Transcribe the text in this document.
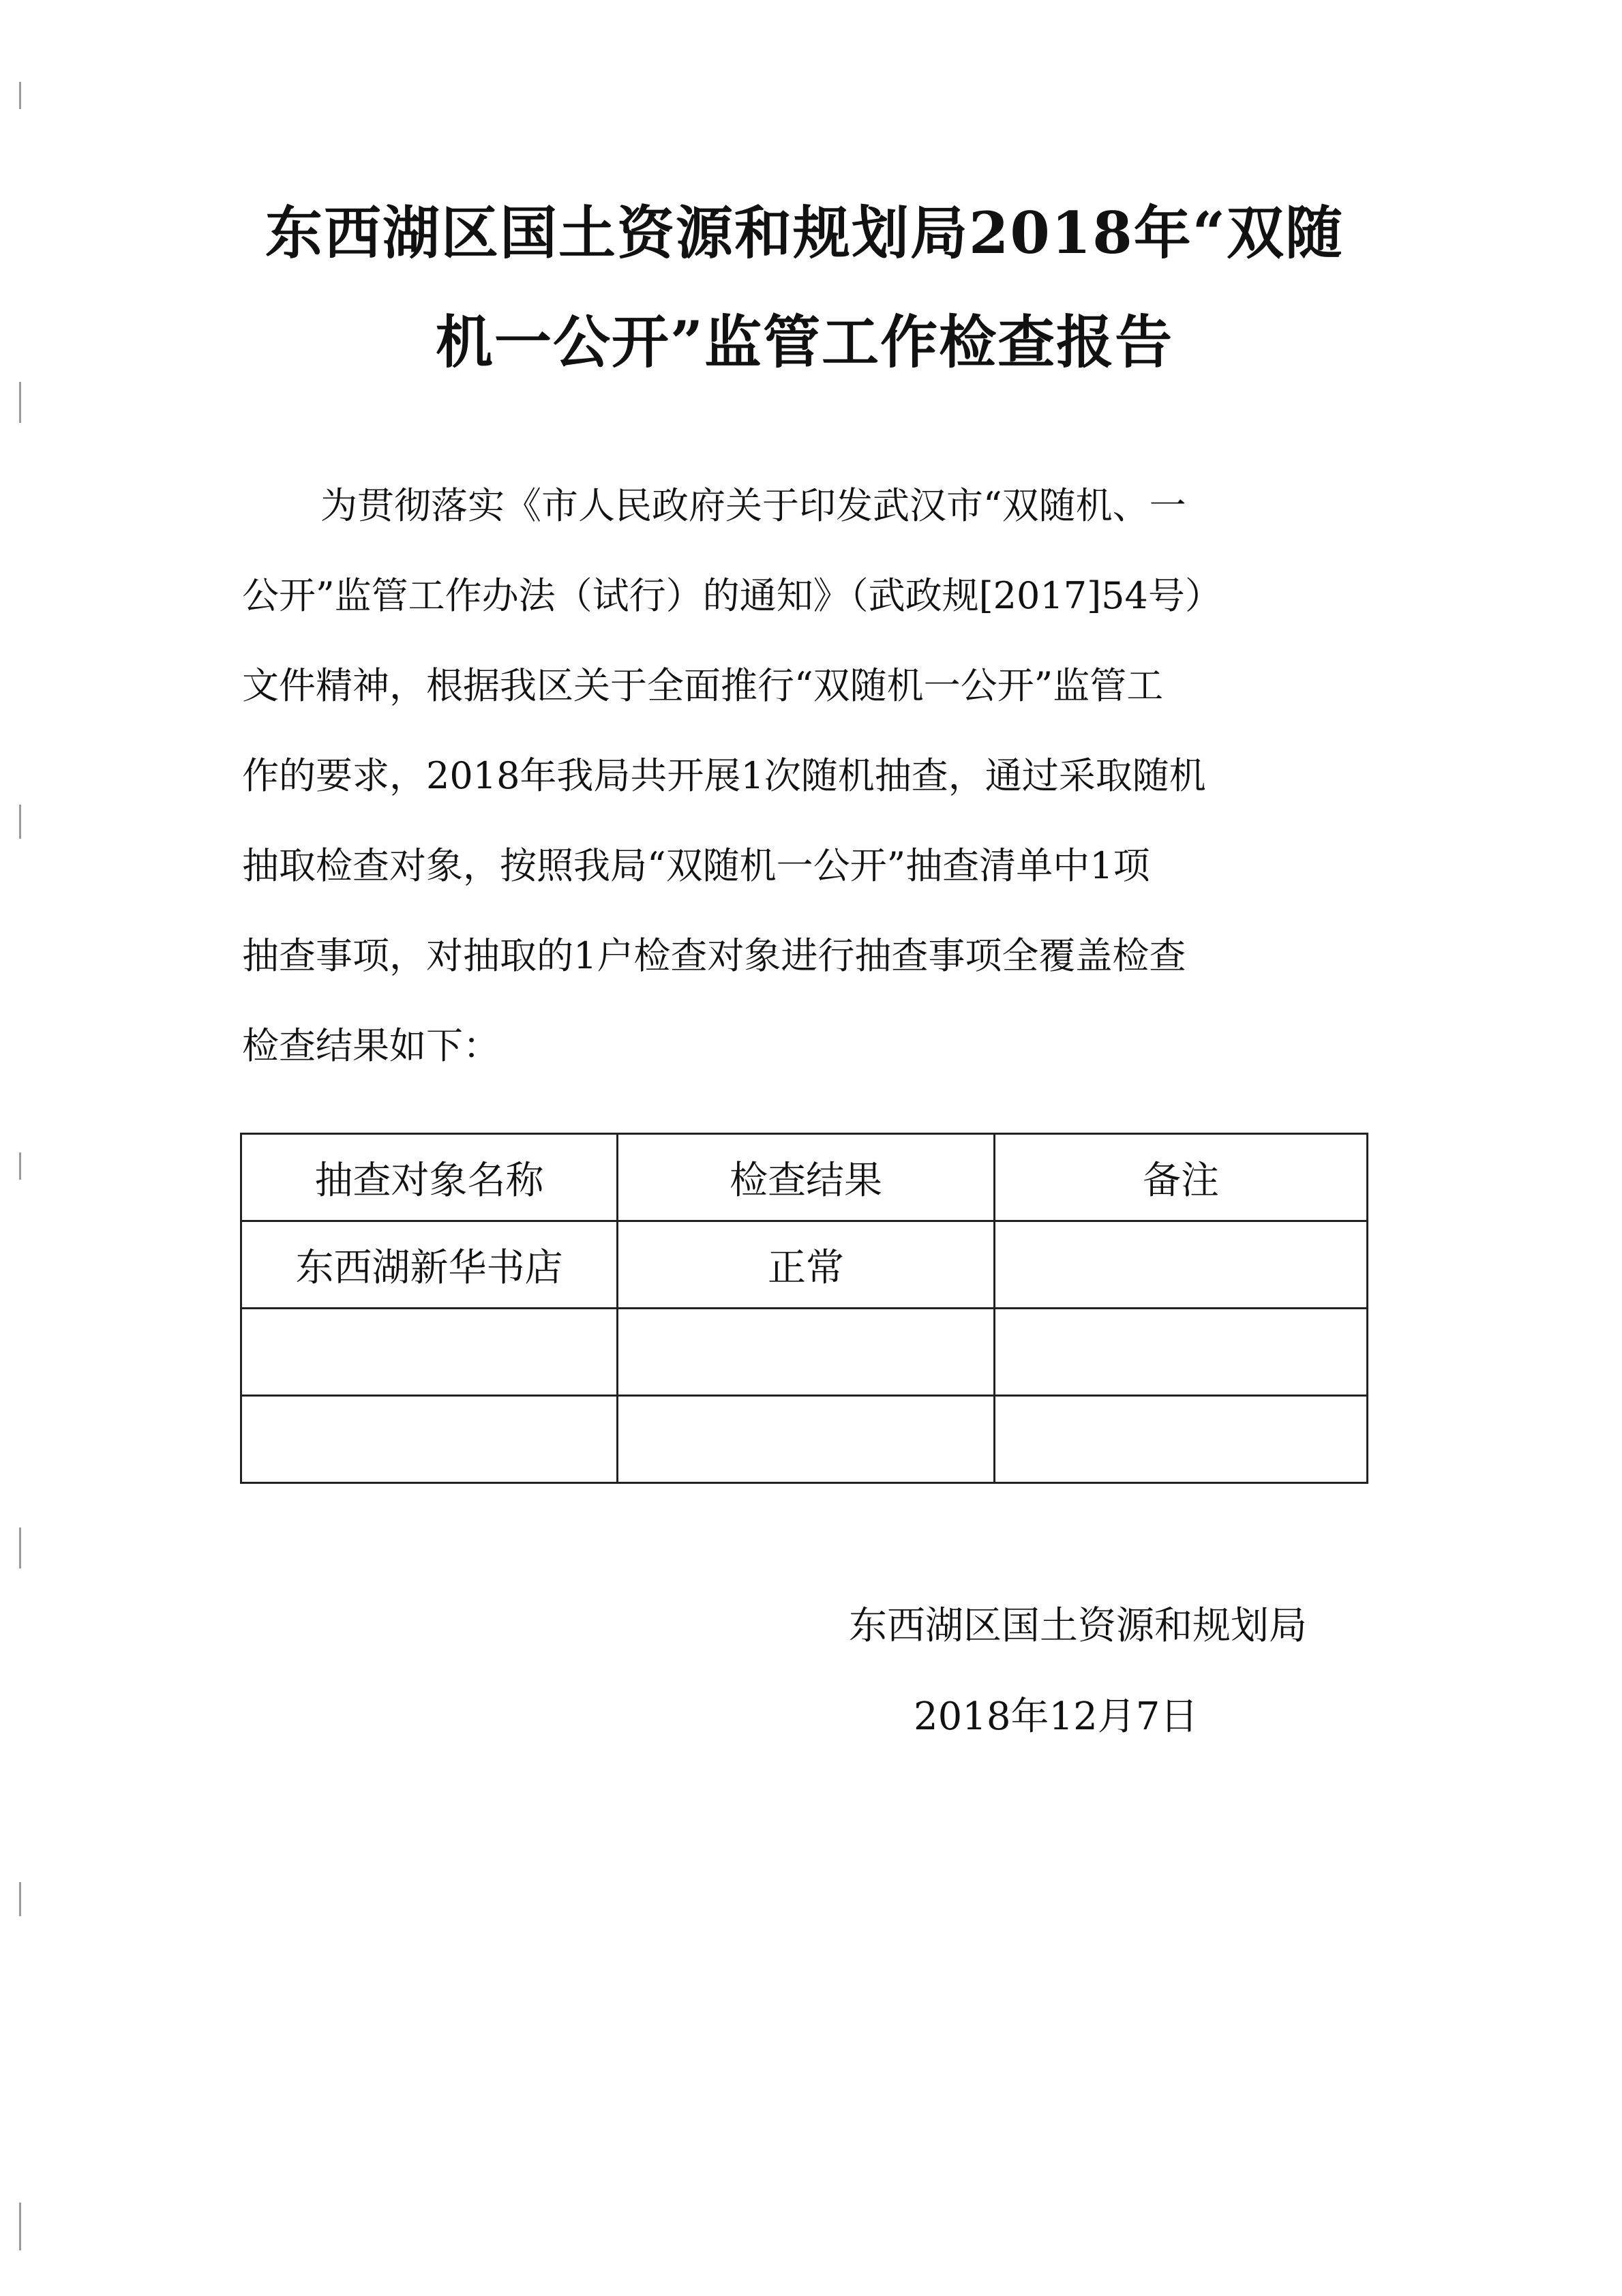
东西湖区国土资源和规划局2018年“双随
机一公开”监管工作检查报告
为贯彻落实《市人民政府关于印发武汉市“双随机、一
公开”监管工作办法（试行）的通知》（武政规[2017]54号）
文件精神，根据我区关于全面推行“双随机一公开”监管工
作的要求，2018年我局共开展1次随机抽查，通过采取随机
抽取检查对象，按照我局“双随机一公开”抽查清单中1项
抽查事项，对抽取的1户检查对象进行抽查事项全覆盖检查
检查结果如下：
抽查对象名称	检查结果	备注
东西湖新华书店	正常	

东西湖区国土资源和规划局
2018年12月7日
